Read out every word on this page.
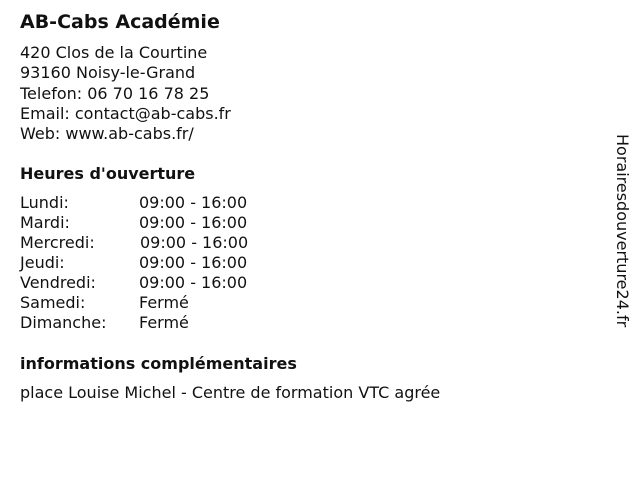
AB-Cabs Académie
420 Clos de la Courtine
93160 Noisy-le-Grand
Telefon: 06 70 16 78 25
Email: contact@ab-cabs.fr
Web: www.ab-cabs.fr/
Heures d'ouverture
Lundi:	09:00 - 16:00
Mardi:	09:00 - 16:00
Mercredi:	09:00 - 16:00
Jeudi:	09:00 - 16:00
Vendredi:	09:00 - 16:00
Samedi:	Fermé
Dimanche: Fermé
informations complémentaires
place Louise Michel - Centre de formation VTC agrée
Horairesdouverture24.fr
